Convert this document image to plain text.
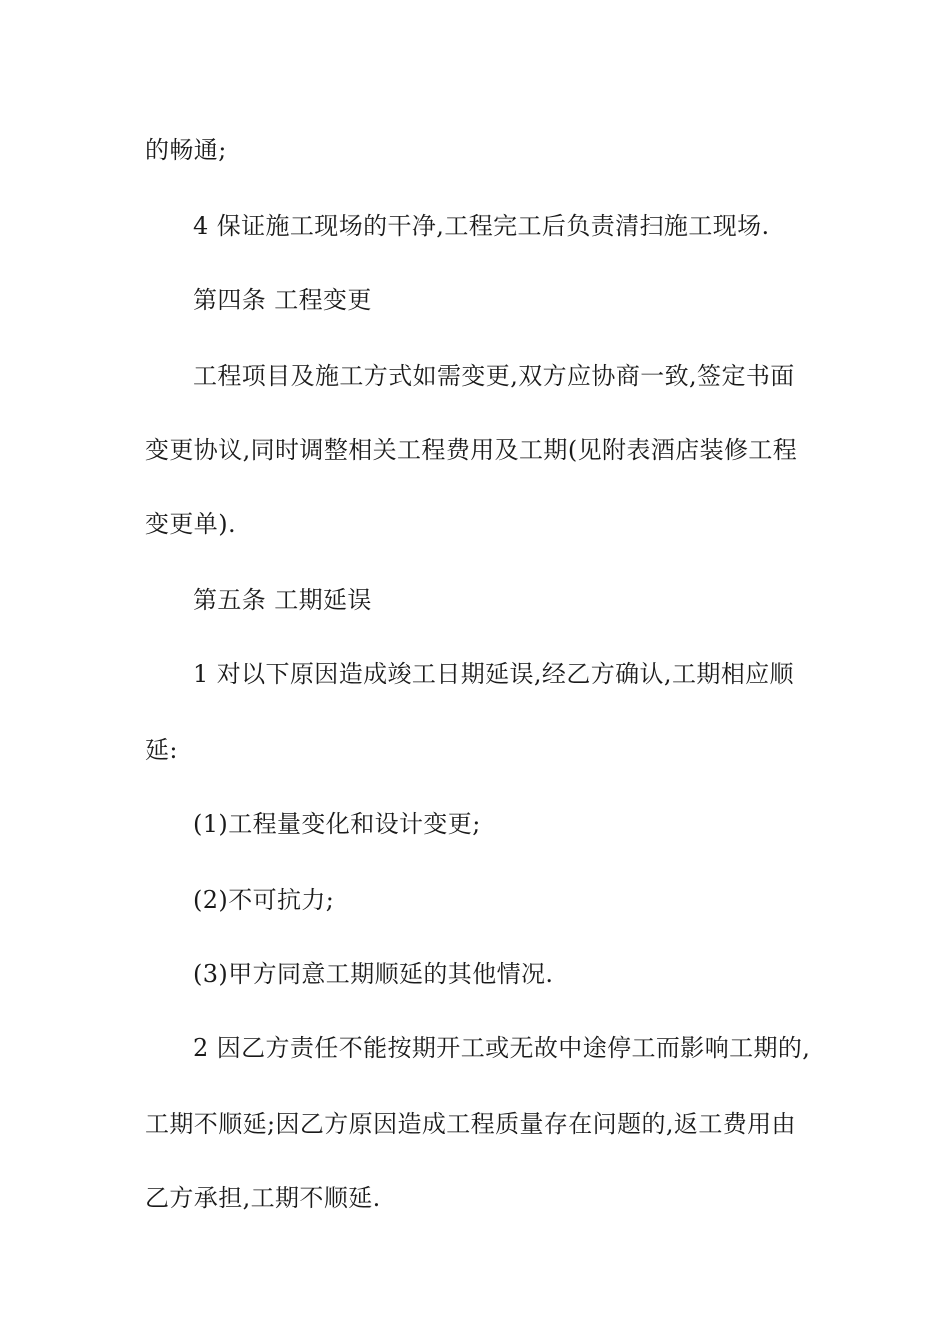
的畅通;
4 保证施工现场的干净,工程完工后负责清扫施工现场.
第四条 工程变更
工程项目及施工方式如需变更,双方应协商一致,签定书面
变更协议,同时调整相关工程费用及工期(见附表酒店装修工程
变更单).
第五条 工期延误
1 对以下原因造成竣工日期延误,经乙方确认,工期相应顺
延:
(1)工程量变化和设计变更;
(2)不可抗力;
(3)甲方同意工期顺延的其他情况.
2 因乙方责任不能按期开工或无故中途停工而影响工期的,
工期不顺延;因乙方原因造成工程质量存在问题的,返工费用由
乙方承担,工期不顺延.
